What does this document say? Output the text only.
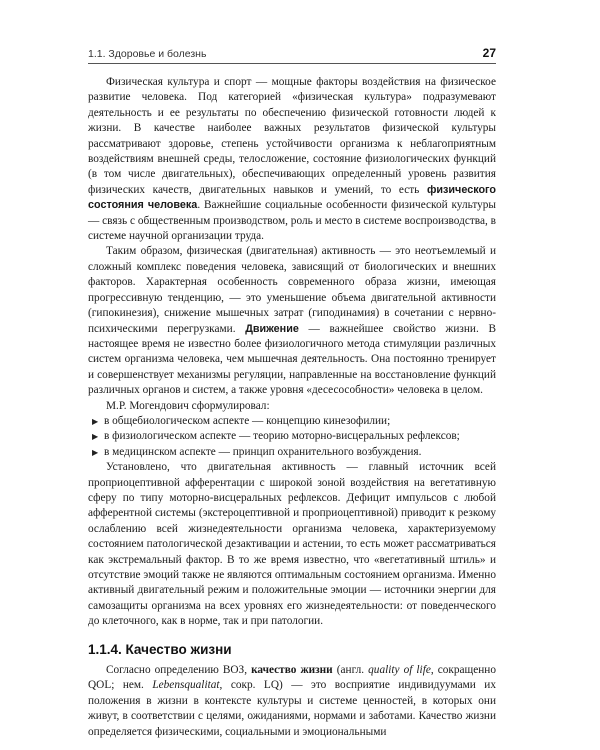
1.1. Здоровье и болезнь	27

Физическая культура и спорт — мощные факторы воздействия на физическое развитие человека. Под категорией «физическая культура» подразумевают деятельность и ее результаты по обеспечению физической готовности людей к жизни. В качестве наиболее важных результатов физической культуры рассматривают здоровье, степень устойчивости организма к неблагоприятным воздействиям внешней среды, телосложение, состояние физиологических функций (в том числе двигательных), обеспечивающих определенный уровень развития физических качеств, двигательных навыков и умений, то есть физического состояния человека. Важнейшие социальные особенности физической культуры — связь с общественным производством, роль и место в системе воспроизводства, в системе научной организации труда.

Таким образом, физическая (двигательная) активность — это неотъемлемый и сложный комплекс поведения человека, зависящий от биологических и внешних факторов. Характерная особенность современного образа жизни, имеющая прогрессивную тенденцию, — это уменьшение объема двигательной активности (гипокинезия), снижение мышечных затрат (гиподинамия) в сочетании с нервно-психическими перегрузками. Движение — важнейшее свойство жизни. В настоящее время не известно более физиологичного метода стимуляции различных систем организма человека, чем мышечная деятельность. Она постоянно тренирует и совершенствует механизмы регуляции, направленные на восстановление функций различных органов и систем, а также уровня «десесособности» человека в целом.

М.Р. Могендович сформулировал:

▶ в общебиологическом аспекте — концепцию кинезофилии;
▶ в физиологическом аспекте — теорию моторно-висцеральных рефлексов;
▶ в медицинском аспекте — принцип охранительного возбуждения.

Установлено, что двигательная активность — главный источник всей проприоцептивной афферентации с широкой зоной воздействия на вегетативную сферу по типу моторно-висцеральных рефлексов. Дефицит импульсов с любой афферентной системы (экстероцептивной и проприоцептивной) приводит к резкому ослаблению всей жизнедеятельности организма человека, характеризуемому состоянием патологической дезактивации и астении, то есть может рассматриваться как экстремальный фактор. В то же время известно, что «вегетативный штиль» и отсутствие эмоций также не являются оптимальным состоянием организма. Именно активный двигательный режим и положительные эмоции — источники энергии для самозащиты организма на всех уровнях его жизнедеятельности: от поведенческого до клеточного, как в норме, так и при патологии.

1.1.4. Качество жизни

Согласно определению ВОЗ, качество жизни (англ. quality of life, сокращенно QOL; нем. Lebensqualitat, сокр. LQ) — это восприятие индивидуумами их положения в жизни в контексте культуры и системе ценностей, в которых они живут, в соответствии с целями, ожиданиями, нормами и заботами. Качество жизни определяется физическими, социальными и эмоциональными
